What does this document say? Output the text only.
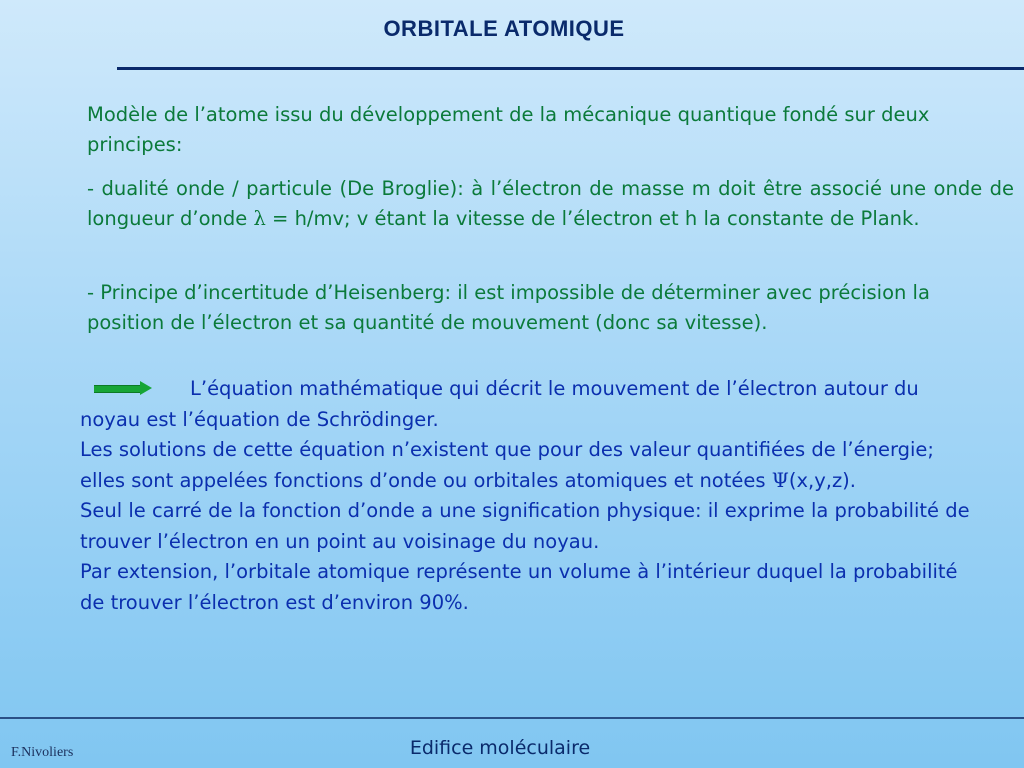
ORBITALE ATOMIQUE
Modèle de l’atome issu du développement de la mécanique quantique fondé sur deux principes:
- dualité onde / particule (De Broglie): à l’électron de masse m doit être associé une onde de longueur d’onde λ = h/mv; v étant la vitesse de l’électron et h la constante de Plank.
- Principe d’incertitude d’Heisenberg: il est impossible de déterminer avec précision la position de l’électron et sa quantité de mouvement (donc sa vitesse).
L’équation mathématique qui décrit le mouvement de l’électron autour du noyau est l’équation de Schrödinger.
Les solutions de cette équation n’existent que pour des valeur quantifiées de l’énergie; elles sont appelées fonctions d’onde ou orbitales atomiques et notées Ψ(x,y,z).
Seul le carré de la fonction d’onde a une signification physique: il exprime la probabilité de trouver l’électron en un point au voisinage du noyau.
Par extension, l’orbitale atomique représente un volume à l’intérieur duquel la probabilité de trouver l’électron est d’environ 90%.
Edifice moléculaire
F.Nivoliers
